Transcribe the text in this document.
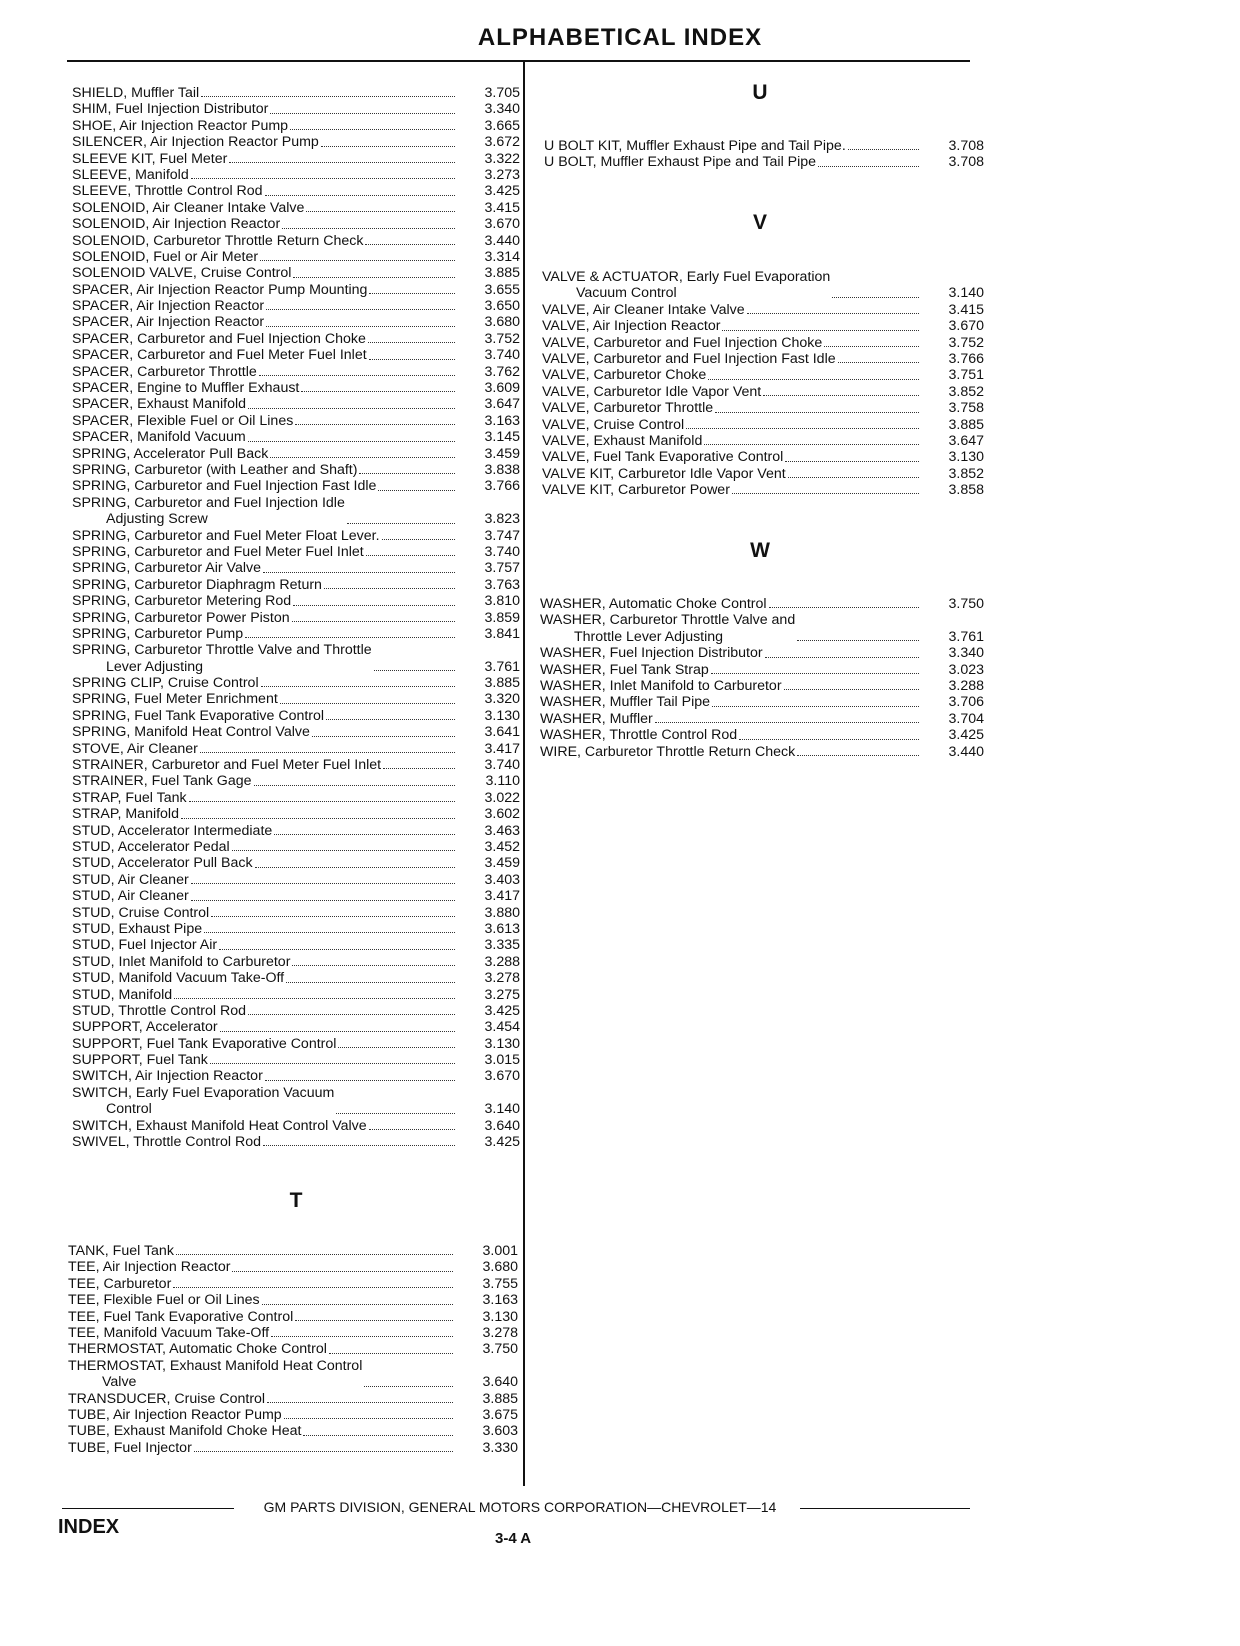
ALPHABETICAL INDEX
SHIELD, Muffler Tail	3.705
SHIM, Fuel Injection Distributor	3.340
SHOE, Air Injection Reactor Pump	3.665
SILENCER, Air Injection Reactor Pump	3.672
SLEEVE KIT, Fuel Meter	3.322
SLEEVE, Manifold	3.273
SLEEVE, Throttle Control Rod	3.425
SOLENOID, Air Cleaner Intake Valve	3.415
SOLENOID, Air Injection Reactor	3.670
SOLENOID, Carburetor Throttle Return Check	3.440
SOLENOID, Fuel or Air Meter	3.314
SOLENOID VALVE, Cruise Control	3.885
SPACER, Air Injection Reactor Pump Mounting	3.655
SPACER, Air Injection Reactor	3.650
SPACER, Air Injection Reactor	3.680
SPACER, Carburetor and Fuel Injection Choke	3.752
SPACER, Carburetor and Fuel Meter Fuel Inlet	3.740
SPACER, Carburetor Throttle	3.762
SPACER, Engine to Muffler Exhaust	3.609
SPACER, Exhaust Manifold	3.647
SPACER, Flexible Fuel or Oil Lines	3.163
SPACER, Manifold Vacuum	3.145
SPRING, Accelerator Pull Back	3.459
SPRING, Carburetor (with Leather and Shaft)	3.838
SPRING, Carburetor and Fuel Injection Fast Idle	3.766
SPRING, Carburetor and Fuel Injection Idle
Adjusting Screw	3.823
SPRING, Carburetor and Fuel Meter Float Lever.	3.747
SPRING, Carburetor and Fuel Meter Fuel Inlet	3.740
SPRING, Carburetor Air Valve	3.757
SPRING, Carburetor Diaphragm Return	3.763
SPRING, Carburetor Metering Rod	3.810
SPRING, Carburetor Power Piston	3.859
SPRING, Carburetor Pump	3.841
SPRING, Carburetor Throttle Valve and Throttle
Lever Adjusting	3.761
SPRING CLIP, Cruise Control	3.885
SPRING, Fuel Meter Enrichment	3.320
SPRING, Fuel Tank Evaporative Control	3.130
SPRING, Manifold Heat Control Valve	3.641
STOVE, Air Cleaner	3.417
STRAINER, Carburetor and Fuel Meter Fuel Inlet	3.740
STRAINER, Fuel Tank Gage	3.110
STRAP, Fuel Tank	3.022
STRAP, Manifold	3.602
STUD, Accelerator Intermediate	3.463
STUD, Accelerator Pedal	3.452
STUD, Accelerator Pull Back	3.459
STUD, Air Cleaner	3.403
STUD, Air Cleaner	3.417
STUD, Cruise Control	3.880
STUD, Exhaust Pipe	3.613
STUD, Fuel Injector Air	3.335
STUD, Inlet Manifold to Carburetor	3.288
STUD, Manifold Vacuum Take-Off	3.278
STUD, Manifold	3.275
STUD, Throttle Control Rod	3.425
SUPPORT, Accelerator	3.454
SUPPORT, Fuel Tank Evaporative Control	3.130
SUPPORT, Fuel Tank	3.015
SWITCH, Air Injection Reactor	3.670
SWITCH, Early Fuel Evaporation Vacuum
Control	3.140
SWITCH, Exhaust Manifold Heat Control Valve	3.640
SWIVEL, Throttle Control Rod	3.425
T
TANK, Fuel Tank	3.001
TEE, Air Injection Reactor	3.680
TEE, Carburetor	3.755
TEE, Flexible Fuel or Oil Lines	3.163
TEE, Fuel Tank Evaporative Control	3.130
TEE, Manifold Vacuum Take-Off	3.278
THERMOSTAT, Automatic Choke Control	3.750
THERMOSTAT, Exhaust Manifold Heat Control
Valve	3.640
TRANSDUCER, Cruise Control	3.885
TUBE, Air Injection Reactor Pump	3.675
TUBE, Exhaust Manifold Choke Heat	3.603
TUBE, Fuel Injector	3.330
U
U BOLT KIT, Muffler Exhaust Pipe and Tail Pipe.	3.708
U BOLT, Muffler Exhaust Pipe and Tail Pipe	3.708
V
VALVE & ACTUATOR, Early Fuel Evaporation
Vacuum Control	3.140
VALVE, Air Cleaner Intake Valve	3.415
VALVE, Air Injection Reactor	3.670
VALVE, Carburetor and Fuel Injection Choke	3.752
VALVE, Carburetor and Fuel Injection Fast Idle	3.766
VALVE, Carburetor Choke	3.751
VALVE, Carburetor Idle Vapor Vent	3.852
VALVE, Carburetor Throttle	3.758
VALVE, Cruise Control	3.885
VALVE, Exhaust Manifold	3.647
VALVE, Fuel Tank Evaporative Control	3.130
VALVE KIT, Carburetor Idle Vapor Vent	3.852
VALVE KIT, Carburetor Power	3.858
W
WASHER, Automatic Choke Control	3.750
WASHER, Carburetor Throttle Valve and
Throttle Lever Adjusting	3.761
WASHER, Fuel Injection Distributor	3.340
WASHER, Fuel Tank Strap	3.023
WASHER, Inlet Manifold to Carburetor	3.288
WASHER, Muffler Tail Pipe	3.706
WASHER, Muffler	3.704
WASHER, Throttle Control Rod	3.425
WIRE, Carburetor Throttle Return Check	3.440
GM PARTS DIVISION, GENERAL MOTORS CORPORATION—CHEVROLET—14
INDEX
3-4 A
